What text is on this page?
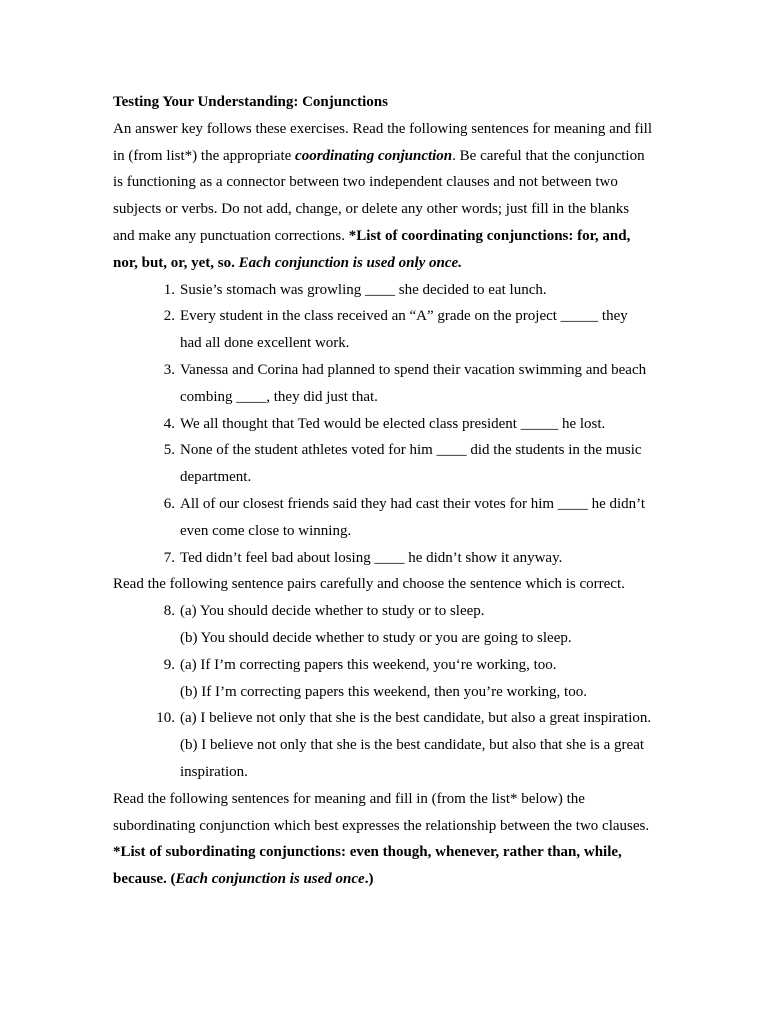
Testing Your Understanding: Conjunctions
An answer key follows these exercises. Read the following sentences for meaning and fill
in (from list*) the appropriate coordinating conjunction. Be careful that the conjunction
is functioning as a connector between two independent clauses and not between two
subjects or verbs. Do not add, change, or delete any other words; just fill in the blanks
and make any punctuation corrections. *List of coordinating conjunctions: for, and,
nor, but, or, yet, so. Each conjunction is used only once.
1. Susie’s stomach was growling ____ she decided to eat lunch.
2. Every student in the class received an “A” grade on the project _____ they
had all done excellent work.
3. Vanessa and Corina had planned to spend their vacation swimming and beach
combing ____, they did just that.
4. We all thought that Ted would be elected class president _____ he lost.
5. None of the student athletes voted for him ____ did the students in the music
department.
6. All of our closest friends said they had cast their votes for him ____ he didn’t
even come close to winning.
7. Ted didn’t feel bad about losing ____ he didn’t show it anyway.
Read the following sentence pairs carefully and choose the sentence which is correct.
8. (a) You should decide whether to study or to sleep.
(b) You should decide whether to study or you are going to sleep.
9. (a) If I’m correcting papers this weekend, you‘re working, too.
(b) If I’m correcting papers this weekend, then you’re working, too.
10. (a) I believe not only that she is the best candidate, but also a great inspiration.
(b) I believe not only that she is the best candidate, but also that she is a great
inspiration.
Read the following sentences for meaning and fill in (from the list* below) the
subordinating conjunction which best expresses the relationship between the two clauses.
*List of subordinating conjunctions: even though, whenever, rather than, while,
because. (Each conjunction is used once.)
